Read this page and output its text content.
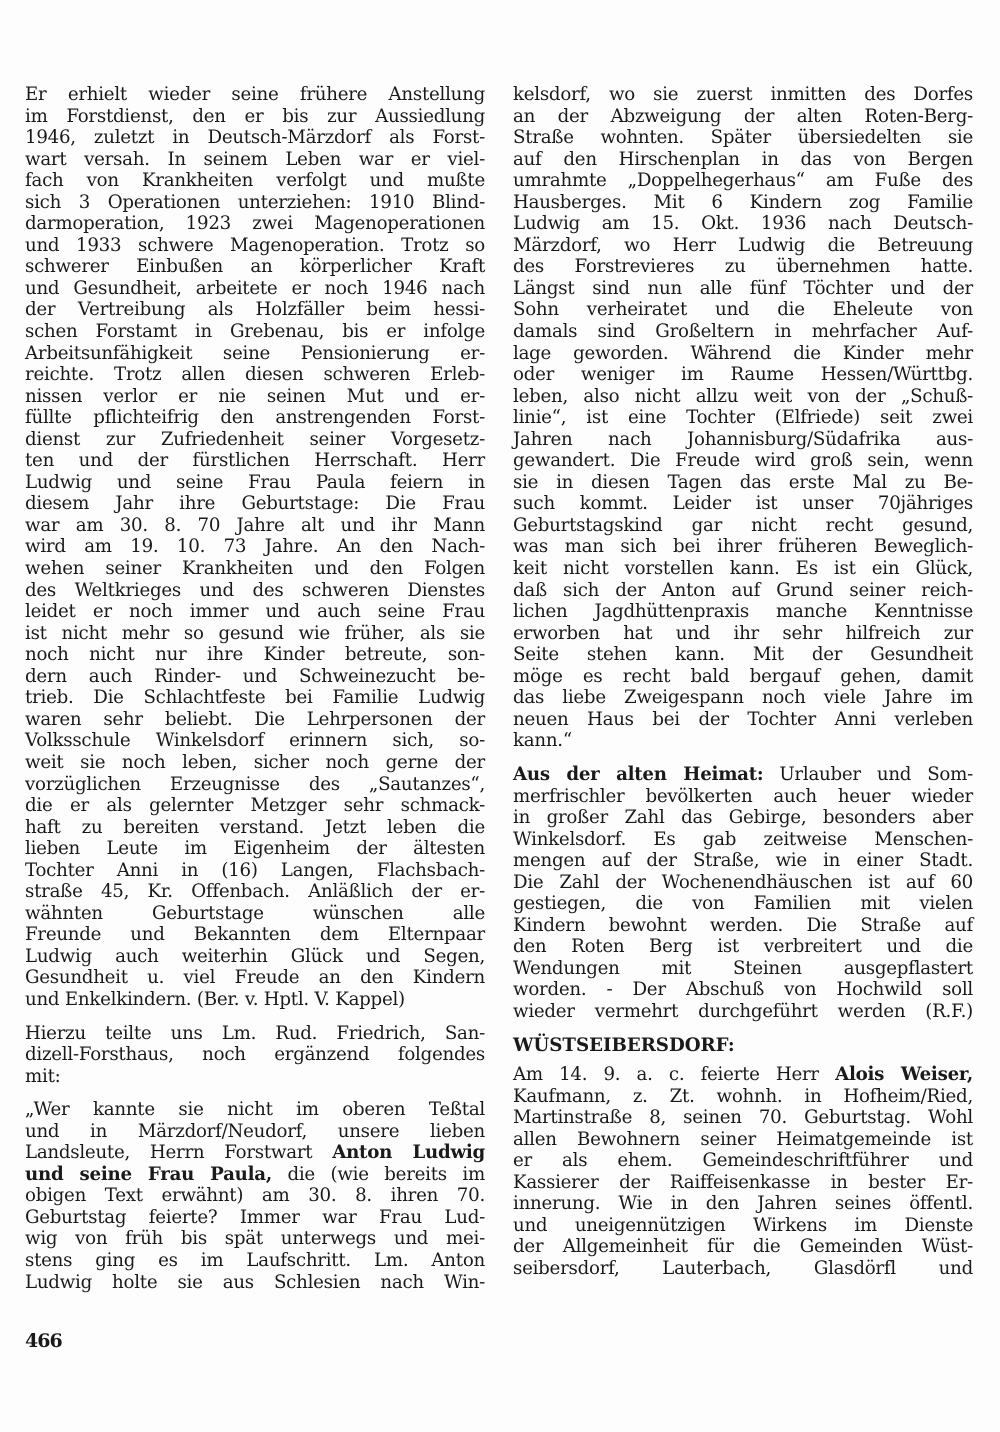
Er erhielt wieder seine frühere Anstellung
im Forstdienst, den er bis zur Aussiedlung
1946, zuletzt in Deutsch-Märzdorf als Forst-
wart versah. In seinem Leben war er viel-
fach von Krankheiten verfolgt und mußte
sich 3 Operationen unterziehen: 1910 Blind-
darmoperation, 1923 zwei Magenoperationen
und 1933 schwere Magenoperation. Trotz so
schwerer Einbußen an körperlicher Kraft
und Gesundheit, arbeitete er noch 1946 nach
der Vertreibung als Holzfäller beim hessi-
schen Forstamt in Grebenau, bis er infolge
Arbeitsunfähigkeit seine Pensionierung er-
reichte. Trotz allen diesen schweren Erleb-
nissen verlor er nie seinen Mut und er-
füllte pflichteifrig den anstrengenden Forst-
dienst zur Zufriedenheit seiner Vorgesetz-
ten und der fürstlichen Herrschaft. Herr
Ludwig und seine Frau Paula feiern in
diesem Jahr ihre Geburtstage: Die Frau
war am 30. 8. 70 Jahre alt und ihr Mann
wird am 19. 10. 73 Jahre. An den Nach-
wehen seiner Krankheiten und den Folgen
des Weltkrieges und des schweren Dienstes
leidet er noch immer und auch seine Frau
ist nicht mehr so gesund wie früher, als sie
noch nicht nur ihre Kinder betreute, son-
dern auch Rinder- und Schweinezucht be-
trieb. Die Schlachtfeste bei Familie Ludwig
waren sehr beliebt. Die Lehrpersonen der
Volksschule Winkelsdorf erinnern sich, so-
weit sie noch leben, sicher noch gerne der
vorzüglichen Erzeugnisse des „Sautanzes“,
die er als gelernter Metzger sehr schmack-
haft zu bereiten verstand. Jetzt leben die
lieben Leute im Eigenheim der ältesten
Tochter Anni in (16) Langen, Flachsbach-
straße 45, Kr. Offenbach. Anläßlich der er-
wähnten Geburtstage wünschen alle
Freunde und Bekannten dem Elternpaar
Ludwig auch weiterhin Glück und Segen,
Gesundheit u. viel Freude an den Kindern
und Enkelkindern. (Ber. v. Hptl. V. Kappel)
Hierzu teilte uns Lm. Rud. Friedrich, San-
dizell-Forsthaus, noch ergänzend folgendes
mit:
„Wer kannte sie nicht im oberen Teßtal
und in Märzdorf/Neudorf, unsere lieben
Landsleute, Herrn Forstwart Anton Ludwig
und seine Frau Paula, die (wie bereits im
obigen Text erwähnt) am 30. 8. ihren 70.
Geburtstag feierte? Immer war Frau Lud-
wig von früh bis spät unterwegs und mei-
stens ging es im Laufschritt. Lm. Anton
Ludwig holte sie aus Schlesien nach Win-
kelsdorf, wo sie zuerst inmitten des Dorfes
an der Abzweigung der alten Roten-Berg-
Straße wohnten. Später übersiedelten sie
auf den Hirschenplan in das von Bergen
umrahmte „Doppelhegerhaus“ am Fuße des
Hausberges. Mit 6 Kindern zog Familie
Ludwig am 15. Okt. 1936 nach Deutsch-
Märzdorf, wo Herr Ludwig die Betreuung
des Forstrevieres zu übernehmen hatte.
Längst sind nun alle fünf Töchter und der
Sohn verheiratet und die Eheleute von
damals sind Großeltern in mehrfacher Auf-
lage geworden. Während die Kinder mehr
oder weniger im Raume Hessen/Württbg.
leben, also nicht allzu weit von der „Schuß-
linie“, ist eine Tochter (Elfriede) seit zwei
Jahren nach Johannisburg/Südafrika aus-
gewandert. Die Freude wird groß sein, wenn
sie in diesen Tagen das erste Mal zu Be-
such kommt. Leider ist unser 70jähriges
Geburtstagskind gar nicht recht gesund,
was man sich bei ihrer früheren Beweglich-
keit nicht vorstellen kann. Es ist ein Glück,
daß sich der Anton auf Grund seiner reich-
lichen Jagdhüttenpraxis manche Kenntnisse
erworben hat und ihr sehr hilfreich zur
Seite stehen kann. Mit der Gesundheit
möge es recht bald bergauf gehen, damit
das liebe Zweigespann noch viele Jahre im
neuen Haus bei der Tochter Anni verleben
kann.“
Aus der alten Heimat: Urlauber und Som-
merfrischler bevölkerten auch heuer wieder
in großer Zahl das Gebirge, besonders aber
Winkelsdorf. Es gab zeitweise Menschen-
mengen auf der Straße, wie in einer Stadt.
Die Zahl der Wochenendhäuschen ist auf 60
gestiegen, die von Familien mit vielen
Kindern bewohnt werden. Die Straße auf
den Roten Berg ist verbreitert und die
Wendungen mit Steinen ausgepflastert
worden. - Der Abschuß von Hochwild soll
wieder vermehrt durchgeführt werden (R.F.)
WÜSTSEIBERSDORF:
Am 14. 9. a. c. feierte Herr Alois Weiser,
Kaufmann, z. Zt. wohnh. in Hofheim/Ried,
Martinstraße 8, seinen 70. Geburtstag. Wohl
allen Bewohnern seiner Heimatgemeinde ist
er als ehem. Gemeindeschriftführer und
Kassierer der Raiffeisenkasse in bester Er-
innerung. Wie in den Jahren seines öffentl.
und uneigennützigen Wirkens im Dienste
der Allgemeinheit für die Gemeinden Wüst-
seibersdorf, Lauterbach, Glasdörfl und
466
